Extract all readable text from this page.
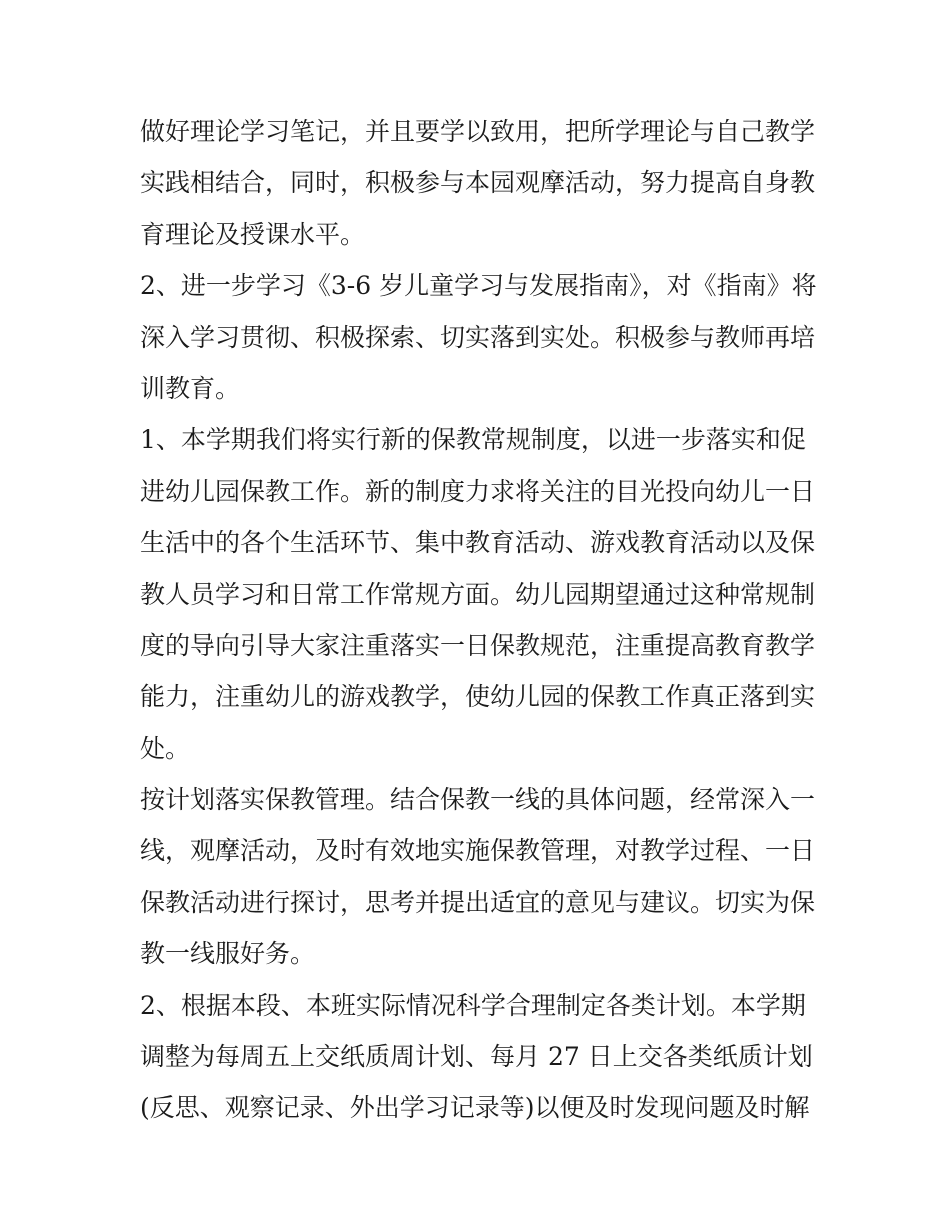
做好理论学习笔记，并且要学以致用，把所学理论与自己教学
实践相结合，同时，积极参与本园观摩活动，努力提高自身教
育理论及授课水平。
2、进一步学习《3-6 岁儿童学习与发展指南》，对《指南》将
深入学习贯彻、积极探索、切实落到实处。积极参与教师再培
训教育。
1、本学期我们将实行新的保教常规制度，以进一步落实和促
进幼儿园保教工作。新的制度力求将关注的目光投向幼儿一日
生活中的各个生活环节、集中教育活动、游戏教育活动以及保
教人员学习和日常工作常规方面。幼儿园期望通过这种常规制
度的导向引导大家注重落实一日保教规范，注重提高教育教学
能力，注重幼儿的游戏教学，使幼儿园的保教工作真正落到实
处。
按计划落实保教管理。结合保教一线的具体问题，经常深入一
线，观摩活动，及时有效地实施保教管理，对教学过程、一日
保教活动进行探讨，思考并提出适宜的意见与建议。切实为保
教一线服好务。
2、根据本段、本班实际情况科学合理制定各类计划。本学期
调整为每周五上交纸质周计划、每月 27 日上交各类纸质计划
(反思、观察记录、外出学习记录等)以便及时发现问题及时解
